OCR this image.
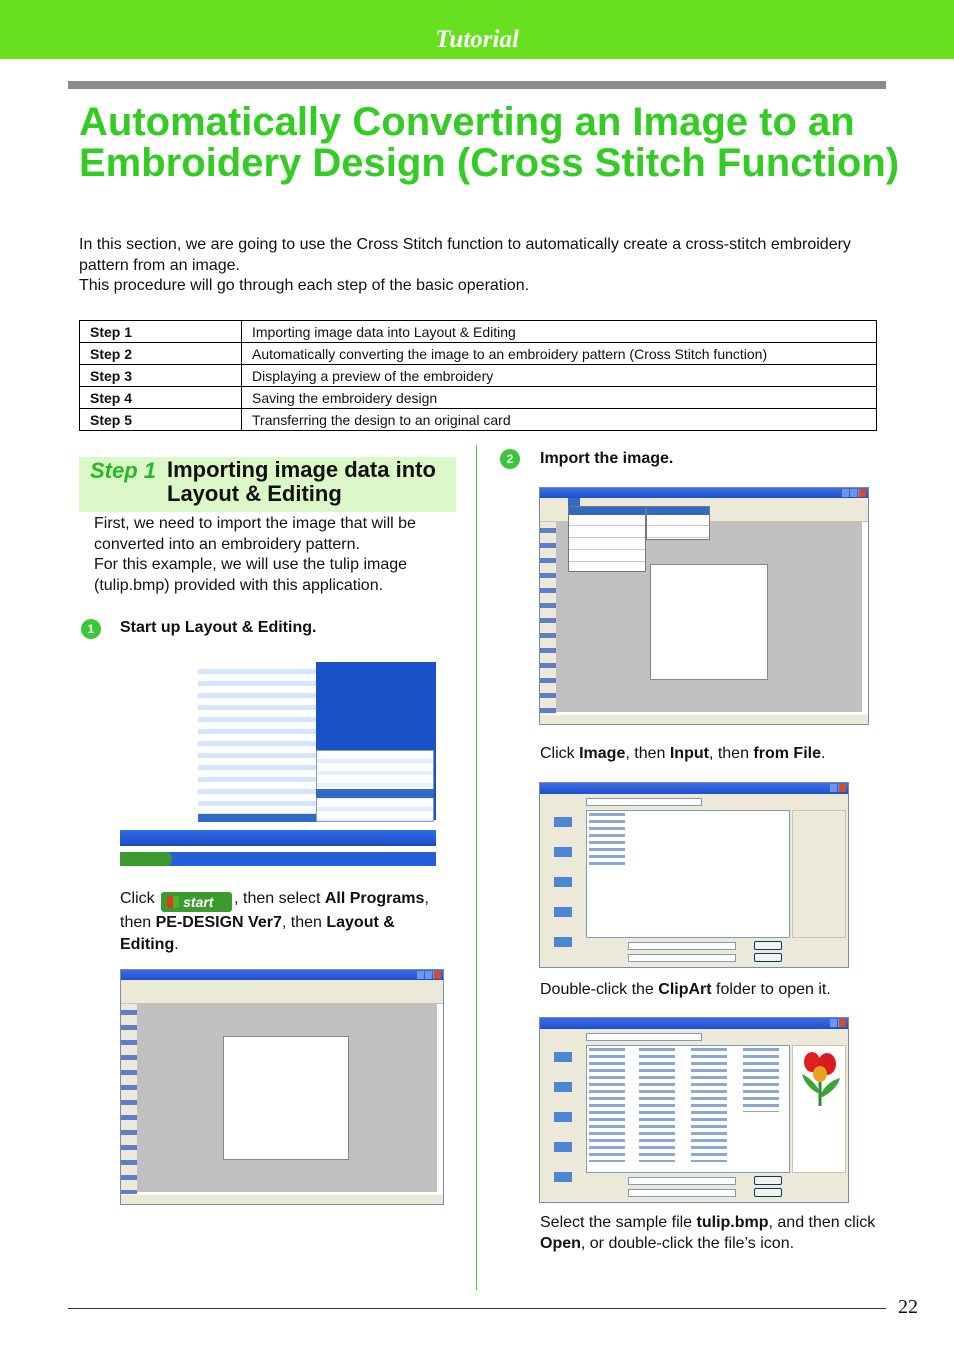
Tutorial
Automatically Converting an Image to an Embroidery Design (Cross Stitch Function)

In this section, we are going to use the Cross Stitch function to automatically create a cross-stitch embroidery pattern from an image.

This procedure will go through each step of the basic operation.

Step 1	Importing image data into Layout & Editing
Step 2	Automatically converting the image to an embroidery pattern (Cross Stitch function)
Step 3	Displaying a preview of the embroidery
Step 4	Saving the embroidery design
Step 5	Transferring the design to an original card
Step 1 Importing image data into Layout & Editing

First, we need to import the image that will be converted into an embroidery pattern.

For this example, we will use the tulip image (tulip.bmp) provided with this application.

1	Start up Layout & Editing.
Click start , then select All Programs, then PE-DESIGN Ver7, then Layout & Editing.
2	Import the image.
Click Image, then Input, then from File.
Double-click the ClipArt folder to open it.
Select the sample file tulip.bmp, and then click Open, or double-click the file’s icon.
22
